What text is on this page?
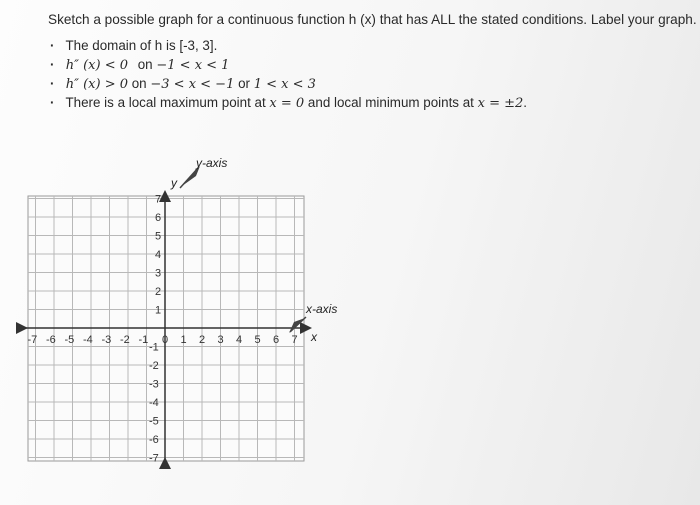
Sketch a possible graph for a continuous function h (x) that has ALL the stated conditions. Label your graph.
· The domain of h is [-3, 3].
· h″ (x) < 0 on −1 < x < 1
· h″ (x) > 0 on −3 < x < −1 or 1 < x < 3
· There is a local maximum point at x = 0 and local minimum points at x = ±2.
y-axis
y
x-axis
x
-7 -6 -5 -4 -3 -2 -1 0 1 2 3 4 5 6 7
7
6
5
4
3
2
1
-1
-2
-3
-4
-5
-6
-7
